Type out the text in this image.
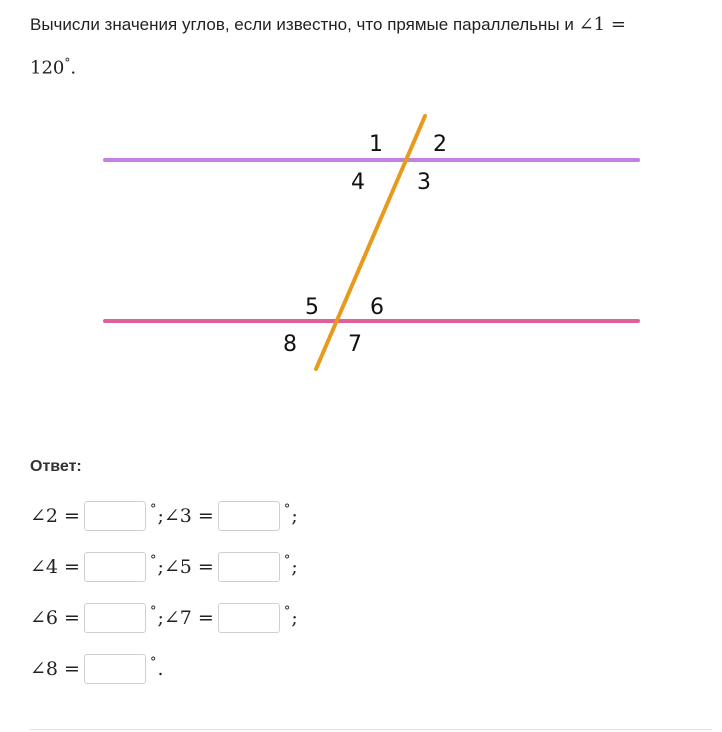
Вычисли значения углов, если известно, что прямые параллельны и ∠1 =
120°.
1 2
4 3
5 6
8 7
Ответ:
∠2 =	° ; ∠3 =	° ;
∠4 =	° ; ∠5 =	° ;
∠6 =	° ; ∠7 =	° ;
∠8 =	° .
